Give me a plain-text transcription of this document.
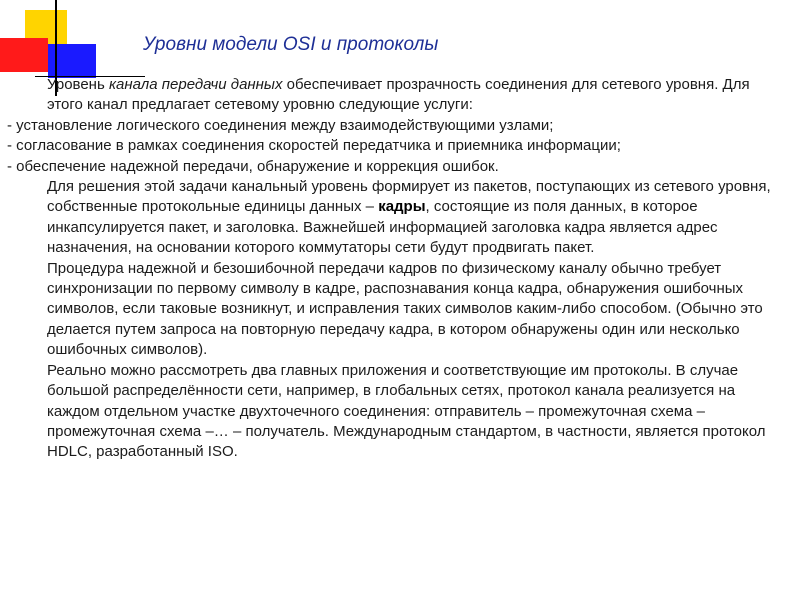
Уровни модели OSI и протоколы

Уровень канала передачи данных обеспечивает прозрачность соединения для сетевого уровня. Для этого канал предлагает сетевому уровню следующие услуги:

- установление логического соединения между взаимодействующими узлами;

- согласование в рамках соединения скоростей передатчика и приемника информации;

- обеспечение надежной передачи, обнаружение и коррекция ошибок.

Для решения этой задачи канальный уровень формирует из пакетов, поступающих из сетевого уровня, собственные протокольные единицы данных – кадры, состоящие из поля данных, в которое инкапсулируется пакет, и заголовка. Важнейшей информацией заголовка кадра является адрес назначения, на основании которого коммутаторы сети будут продвигать пакет.

Процедура надежной и безошибочной передачи кадров по физическому каналу обычно требует синхронизации по первому символу в кадре, распознавания конца кадра, обнаружения ошибочных символов, если таковые возникнут, и исправления таких символов каким-либо способом. (Обычно это делается путем запроса на повторную передачу кадра, в котором обнаружены один или несколько ошибочных символов).

Реально можно рассмотреть два главных приложения и соответствующие им протоколы. В случае большой распределённости сети, например, в глобальных сетях, протокол канала реализуется на каждом отдельном участке двухточечного соединения: отправитель – промежуточная схема – промежуточная схема –… – получатель. Международным стандартом, в частности, является протокол HDLC, разработанный ISO.
